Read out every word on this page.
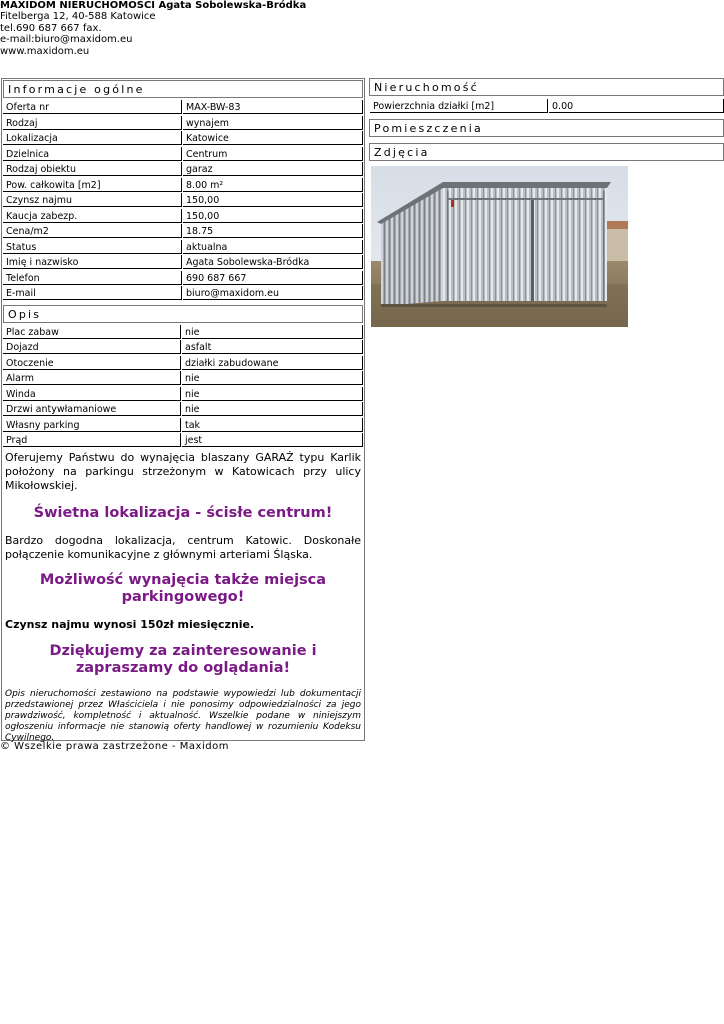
MAXIDOM NIERUCHOMOŚCI Agata Sobolewska-Bródka
Fitelberga 12, 40-588 Katowice
tel.690 687 667 fax.
e-mail:biuro@maxidom.eu
www.maxidom.eu
Informacje ogólne
Oferta nr	MAX-BW-83
Rodzaj	wynajem
Lokalizacja	Katowice
Dzielnica	Centrum
Rodzaj obiektu	garaz
Pow. całkowita [m2]	8.00 m²
Czynsz najmu	150,00
Kaucja zabezp.	150,00
Cena/m2	18.75
Status	aktualna
Imię i nazwisko	Agata Sobolewska-Bródka
Telefon	690 687 667
E-mail	biuro@maxidom.eu
Opis
Plac zabaw	nie
Dojazd	asfalt
Otoczenie	działki zabudowane
Alarm	nie
Winda	nie
Drzwi antywłamaniowe	nie
Własny parking	tak
Prąd	jest
Oferujemy Państwu do wynajęcia blaszany GARAŻ typu Karlik położony na parkingu strzeżonym w Katowicach przy ulicy Mikołowskiej.
Świetna lokalizacja - ścisłe centrum!
Bardzo dogodna lokalizacja, centrum Katowic. Doskonałe połączenie komunikacyjne z głównymi arteriami Śląska.
Możliwość wynajęcia także miejsca parkingowego!
Czynsz najmu wynosi 150zł miesięcznie.
Dziękujemy za zainteresowanie i zapraszamy do oglądania!
Opis nieruchomości zestawiono na podstawie wypowiedzi lub dokumentacji przedstawionej przez Właściciela i nie ponosimy odpowiedzialności za jego prawdziwość, kompletność i aktualność. Wszelkie podane w niniejszym ogłoszeniu informacje nie stanowią oferty handlowej w rozumieniu Kodeksu Cywilnego.
Nieruchomość
Powierzchnia działki [m2]	0.00
Pomieszczenia
Zdjęcia
© Wszelkie prawa zastrzeżone - Maxidom
